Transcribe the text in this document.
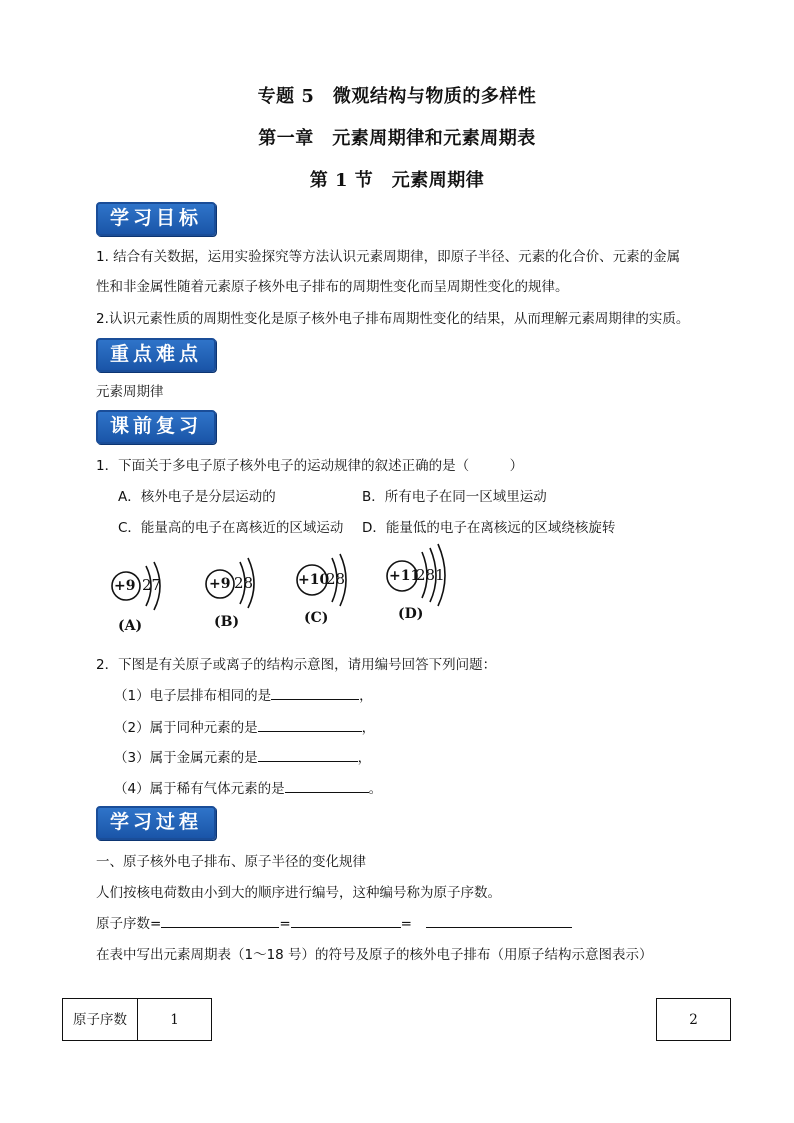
专题 5　微观结构与物质的多样性
第一章　元素周期律和元素周期表
第 1 节　元素周期律
学习目标
1. 结合有关数据，运用实验探究等方法认识元素周期律，即原子半径、元素的化合价、元素的金属
性和非金属性随着元素原子核外电子排布的周期性变化而呈周期性变化的规律。
2.认识元素性质的周期性变化是原子核外电子排布周期性变化的结果，从而理解元素周期律的实质。
重点难点
元素周期律
课前复习
1．下面关于多电子原子核外电子的运动规律的叙述正确的是（　　　）
A．核外电子是分层运动的	B．所有电子在同一区域里运动
C．能量高的电子在离核近的区域运动 D．能量低的电子在离核远的区域绕核旋转
+9 27
(A)
+9 28
(B)
+10
28
(C)
+11
281
(D)
2．下图是有关原子或离子的结构示意图，请用编号回答下列问题：
（1）电子层排布相同的是	，
（2）属于同种元素的是	，
（3）属于金属元素的是	，
（4）属于稀有气体元素的是	。
学习过程
一、原子核外电子排布、原子半径的变化规律
人们按核电荷数由小到大的顺序进行编号，这种编号称为原子序数。
原子序数=	=	=
在表中写出元素周期表（1～18 号）的符号及原子的核外电子排布（用原子结构示意图表示）
原子序数	1	2
